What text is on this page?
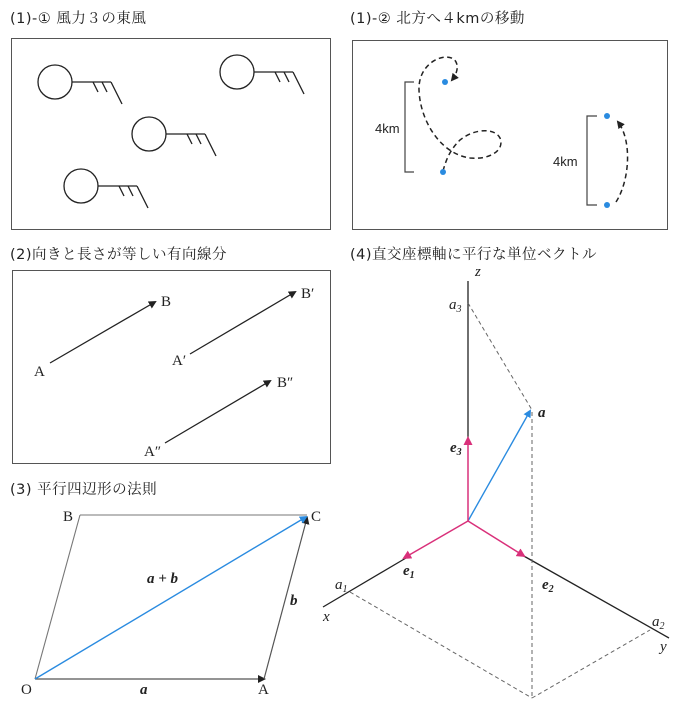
(1)-① 風力３の東風	(1)-② 北方へ４kmの移動
4km
4km
(2)向きと長さが等しい有向線分
A
B
A′
B′
A″
B″
(3) 平行四辺形の法則
O	A
B	C
a
b
a + b
(4)直交座標軸に平行な単位ベクトル
z
x
y
$a_3$
$a_1$
$a_2$
$e_3$
$e_1$
$e_2$
a
